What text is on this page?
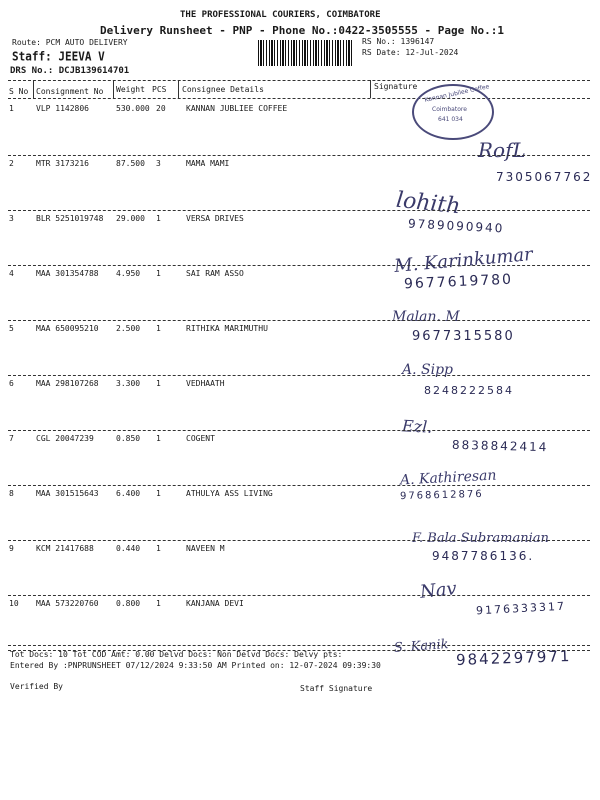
THE PROFESSIONAL COURIERS, COIMBATORE
Delivery Runsheet - PNP - Phone No.:0422-3505555 - Page No.:1
Route: PCM AUTO DELIVERY
Staff: JEEVA V
DRS No.: DCJB139614701
RS No.: 1396147
RS Date: 12-Jul-2024
S No Consignment No Weight PCS Consignee Details	Signature Kannan Jubilee Coffee
Coimbatore
641 034
1	VLP 1142806	530.000 20	KANNAN JUBLIEE COFFEE
RofL
7305067762
2	MTR 3173216	87.500 3	MAMA MAMI
lohith
9789090940
3	BLR 5251019748 29.000 1	VERSA DRIVES
M. Karinkumar
9677619780
4	MAA 301354788 4.950 1	SAI RAM ASSO
Malan. M
9677315580
5	MAA 650095210 2.500 1	RITHIKA MARIMUTHU
A. Sipp
8248222584
6	MAA 298107268 3.300 1	VEDHAATH
Ezl.
8838842414
7	CGL 20047239	0.850 1	COGENT
A. Kathiresan
9768612876
8	MAA 301515643 6.400 1	ATHULYA ASS LIVING
F. Bala Subramanian
9487786136.
9	KCM 21417688	0.440 1	NAVEEN M
Nav
9176333317
10 MAA 573220760 0.800 1	KANJANA DEVI
S. Kanik
9842297971
Tot Docs: 10 Tot COD Amt: 0.00 Delvd Docs: Non Delvd Docs: Delvy pts:
Entered By :PNPRUNSHEET 07/12/2024 9:33:50 AM Printed on: 12-07-2024 09:39:30
Verified By	Staff Signature
